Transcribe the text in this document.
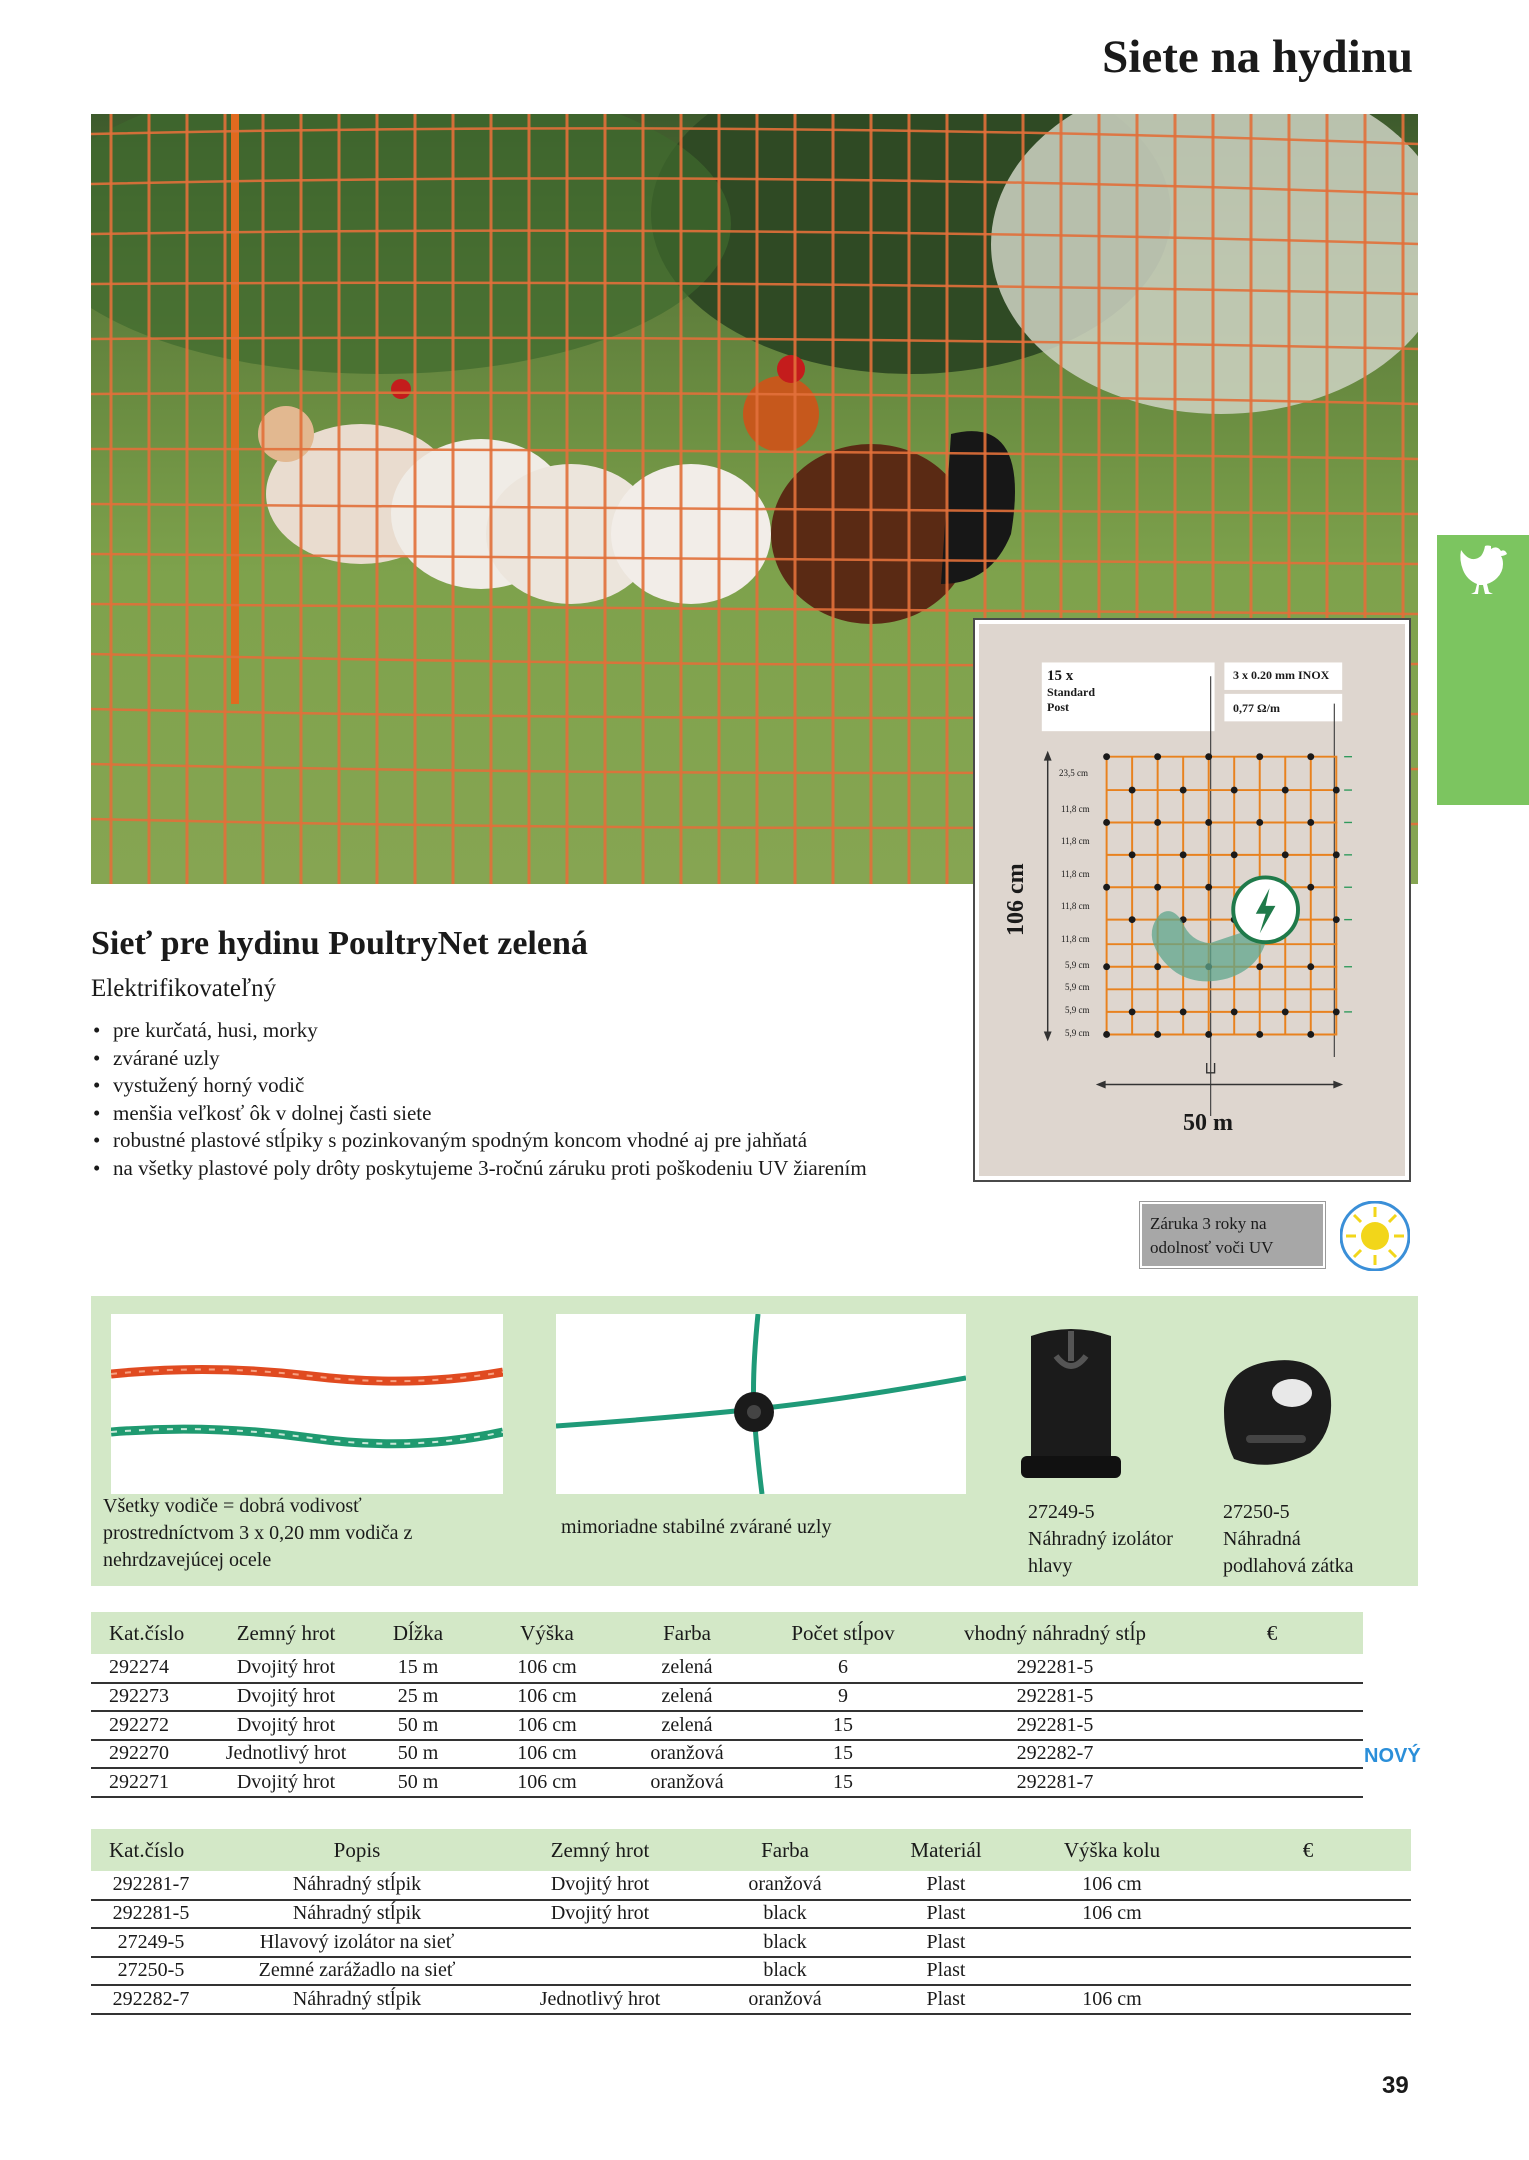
Siete na hydinu
15 x
Standard
Post
3 x 0.20 mm INOX
0,77 Ω/m
106 cm
50 m
23,5 cm
11,8 cm
11,8 cm
11,8 cm
11,8 cm
11,8 cm
5,9 cm
5,9 cm
5,9 cm
5,9 cm
Sieť pre hydinu PoultryNet zelená
Elektrifikovateľný
• pre kurčatá, husi, morky
• zvárané uzly
• vystužený horný vodič
• menšia veľkosť ôk v dolnej časti siete
• robustné plastové stĺpiky s pozinkovaným spodným koncom vhodné aj pre jahňatá
• na všetky plastové poly drôty poskytujeme 3-ročnú záruku proti poškodeniu UV žiarením
Záruka 3 roky na
odolnosť voči UV
Všetky vodiče = dobrá vodivosť
prostredníctvom 3 x 0,20 mm vodiča z
nehrdzavejúcej ocele
mimoriadne stabilné zvárané uzly
27249-5
Náhradný izolátor
hlavy
27250-5
Náhradná
podlahová zátka
Kat.číslo	Zemný hrot	Dĺžka	Výška	Farba	Počet stĺpov	vhodný náhradný stĺp	€
292274	Dvojitý hrot	15 m	106 cm	zelená	6	292281-5	
292273	Dvojitý hrot	25 m	106 cm	zelená	9	292281-5	
292272	Dvojitý hrot	50 m	106 cm	zelená	15	292281-5	
292270	Jednotlivý hrot	50 m	106 cm	oranžová	15	292282-7	
292271	Dvojitý hrot	50 m	106 cm	oranžová	15	292281-7	
NOVÝ
Kat.číslo	Popis	Zemný hrot	Farba	Materiál	Výška kolu	€
292281-7	Náhradný stĺpik	Dvojitý hrot	oranžová	Plast	106 cm	
292281-5	Náhradný stĺpik	Dvojitý hrot	black	Plast	106 cm	
27249-5	Hlavový izolátor na sieť		black	Plast		
27250-5	Zemné zarážadlo na sieť		black	Plast		
292282-7	Náhradný stĺpik	Jednotlivý hrot	oranžová	Plast	106 cm	
39
